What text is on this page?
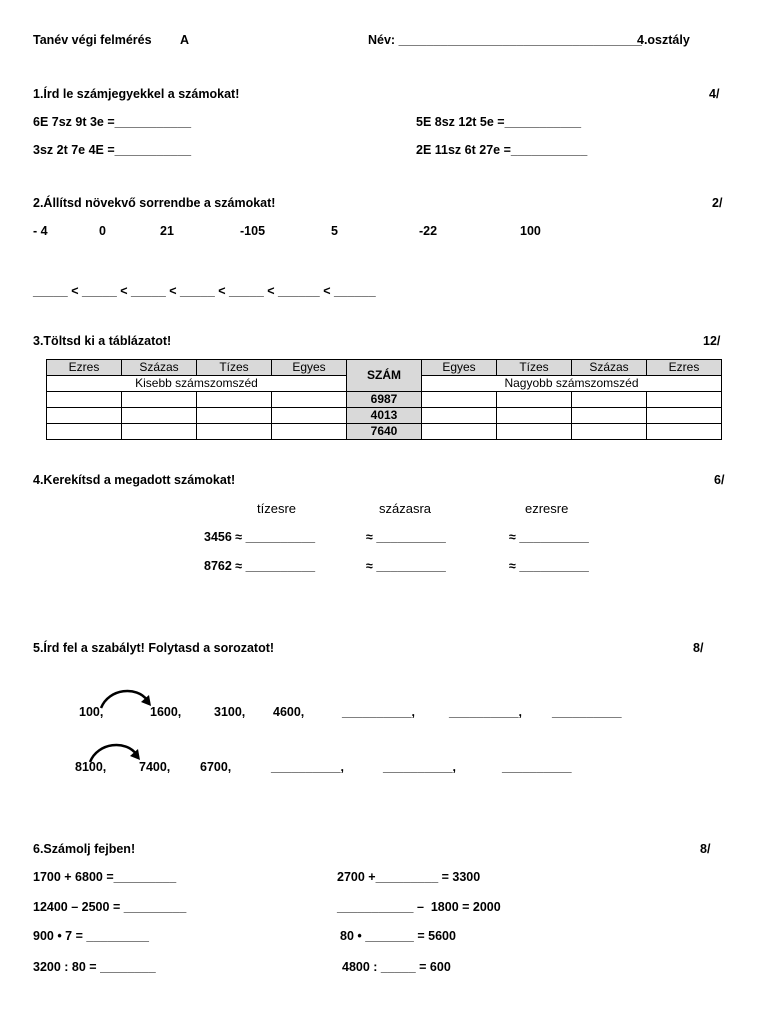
Tanév végi felmérés A	Név: ___________________________________
4.osztály
1.Írd le számjegyekkel a számokat!	4/
6E 7sz 9t 3e =___________	5E 8sz 12t 5e =___________
3sz 2t 7e 4E =___________	2E 11sz 6t 27e =___________
2.Állítsd növekvő sorrendbe a számokat!	2/
- 4	0	21	-105	5	-22	100
_____ < _____ < _____ < _____ < _____ < ______ < ______
3.Töltsd ki a táblázatot!	12/
Ezres	Százas	Tízes	Egyes	SZÁM	Egyes	Tízes	Százas	Ezres
Kisebb számszomszéd					Nagyobb számszomszéd			
				6987				
				4013				
				7640				
4.Kerekítsd a megadott számokat!	6/
tízesre	százasra	ezresre
3456 ≈ __________	≈ __________	≈ __________
8762 ≈ __________	≈ __________	≈ __________
5.Írd fel a szabályt! Folytasd a sorozatot!	8/
100,	1600,	3100, 4600,	__________,	__________, __________
8100,	7400, 6700,	__________,	__________,	__________
6.Számolj fejben!	8/
1700 + 6800 =_________
12400 – 2500 = _________
900 • 7 = _________
3200 : 80 = ________
2700 +_________ = 3300
___________ –  1800 = 2000
80 • _______ = 5600
4800 : _____ = 600
